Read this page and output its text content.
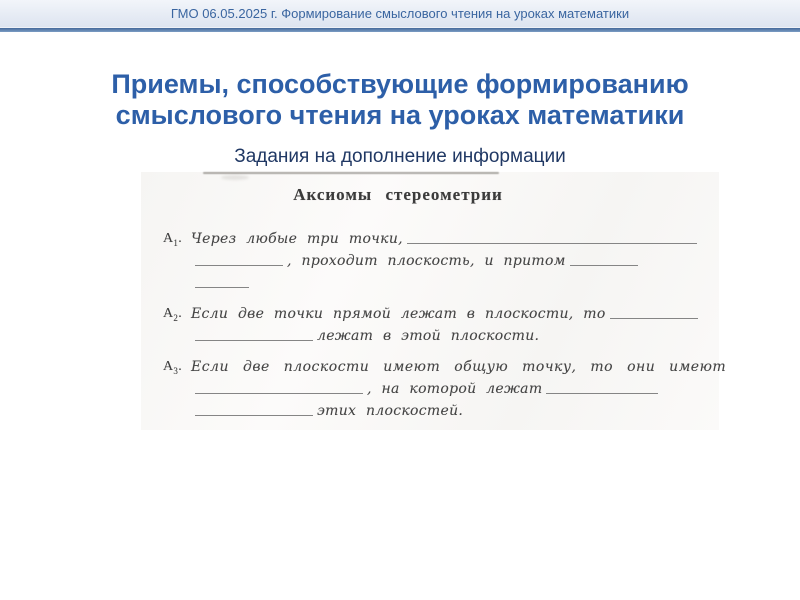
ГМО 06.05.2025 г. Формирование смыслового чтения на уроках математики
Приемы, способствующие формированию
смыслового чтения на уроках математики
Задания на дополнение информации
Аксиомы стереометрии
$А_1$. Через любые три точки,
, проходит плоскость, и притом
$А_2$. Если две точки прямой лежат в плоскости, то
лежат в этой плоскости.
$А_3$. Если две плоскости имеют общую точку, то они имеют
, на которой лежат
этих плоскостей.
